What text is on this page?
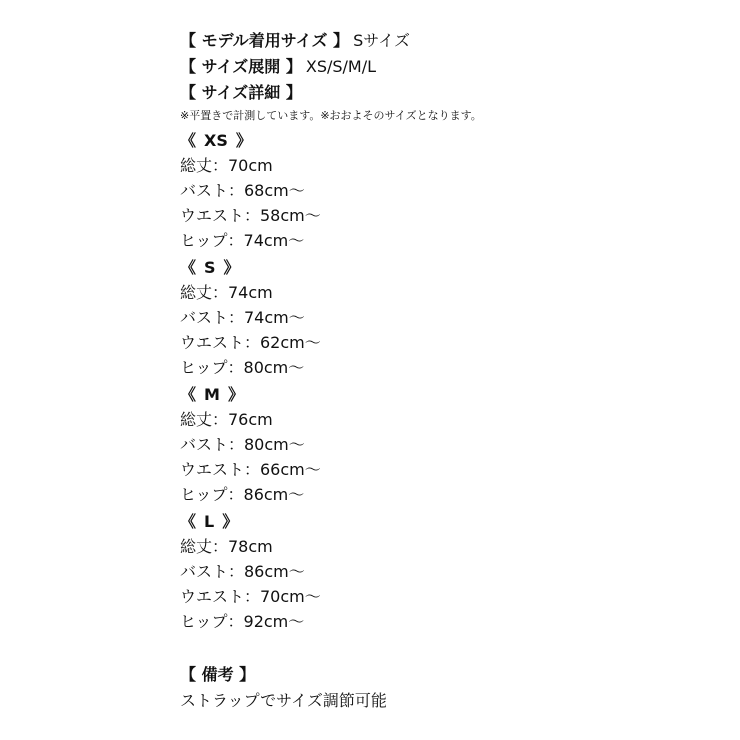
【 モデル着用サイズ 】 Sサイズ
【 サイズ展開 】 XS/S/M/L
【 サイズ詳細 】
※平置きで計測しています。※おおよそのサイズとなります。
《 XS 》
総丈：70cm
バスト：68cm〜
ウエスト：58cm〜
ヒップ：74cm〜
《 S 》
総丈：74cm
バスト：74cm〜
ウエスト：62cm〜
ヒップ：80cm〜
《 M 》
総丈：76cm
バスト：80cm〜
ウエスト：66cm〜
ヒップ：86cm〜
《 L 》
総丈：78cm
バスト：86cm〜
ウエスト：70cm〜
ヒップ：92cm〜
【 備考 】
ストラップでサイズ調節可能
